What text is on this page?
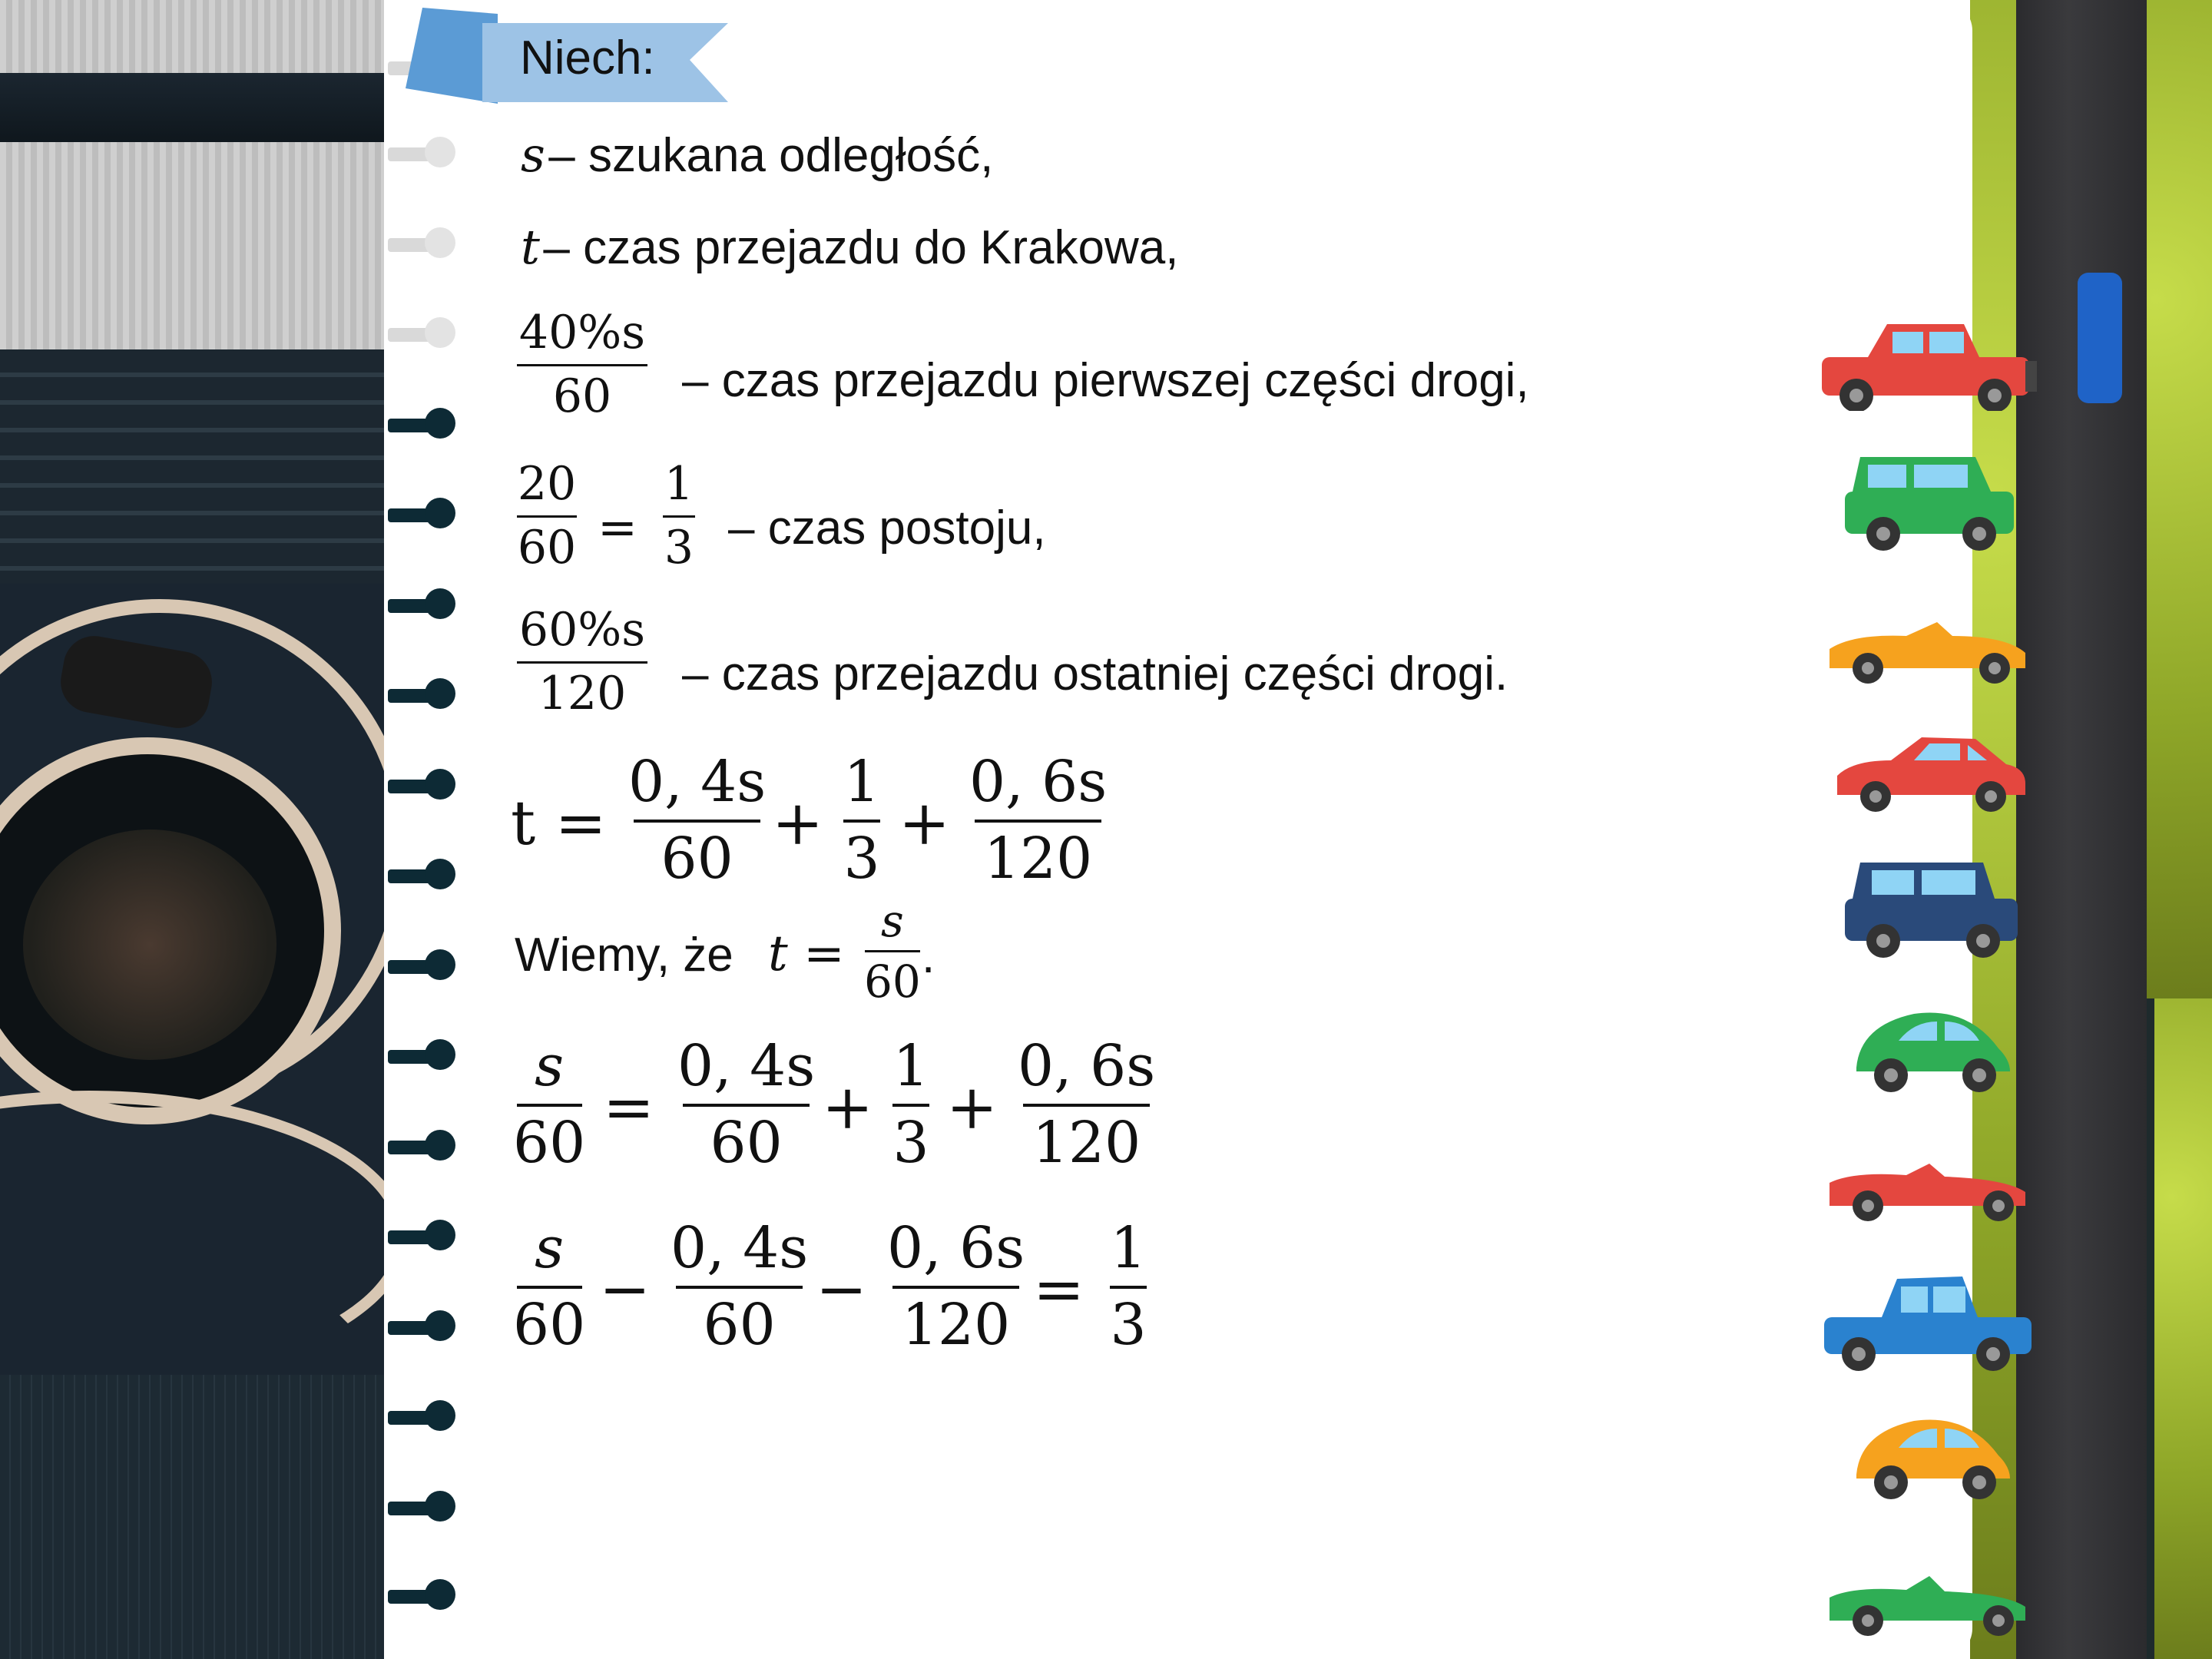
Niech:
s – szukana odległość,
t – czas przejazdu do Krakowa,
40%s
60 – czas przejazdu pierwszej części drogi,
20
60 =
1
3 – czas postoju,
60%s
120 – czas przejazdu ostatniej części drogi.
t =
0, 4s
60 +
1
3 +
0, 6s
120
Wiemy, że t =
s
60 .
s
60 =
0, 4s
60 +
1
3 +
0, 6s
120
s
60 −
0, 4s
60 −
0, 6s
120 =
1
3
